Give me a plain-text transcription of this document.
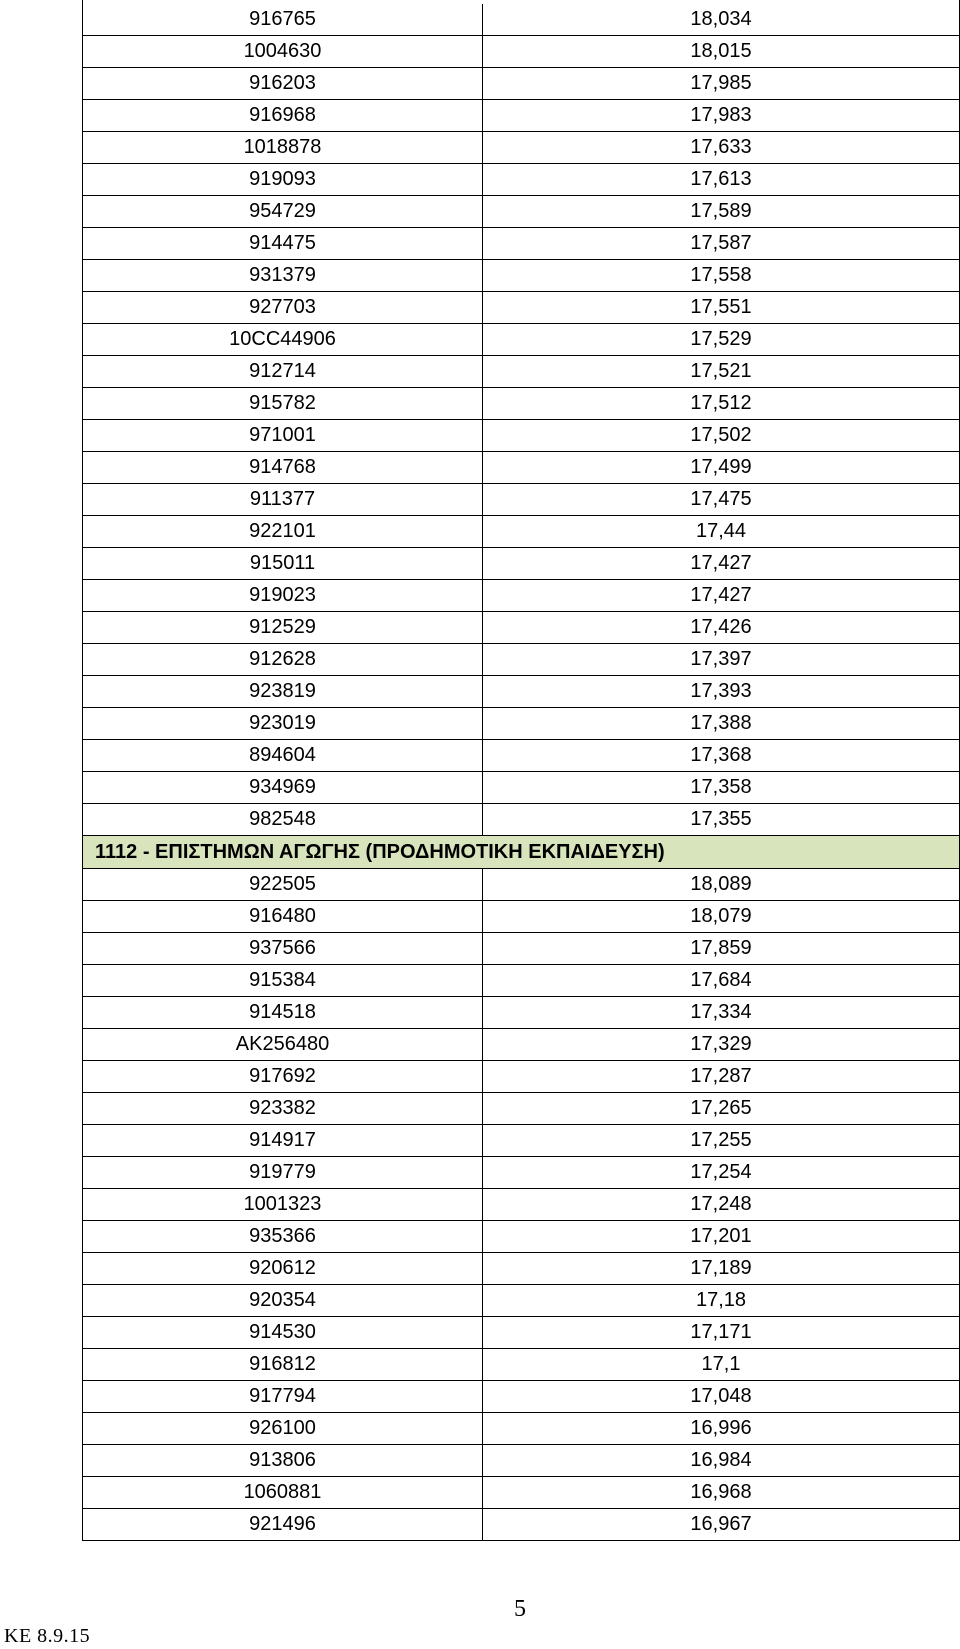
916765	18,034
1004630	18,015
916203	17,985
916968	17,983
1018878	17,633
919093	17,613
954729	17,589
914475	17,587
931379	17,558
927703	17,551
10CC44906	17,529
912714	17,521
915782	17,512
971001	17,502
914768	17,499
911377	17,475
922101	17,44
915011	17,427
919023	17,427
912529	17,426
912628	17,397
923819	17,393
923019	17,388
894604	17,368
934969	17,358
982548	17,355
1112 - ΕΠΙΣΤΗΜΩΝ ΑΓΩΓΗΣ (ΠΡΟΔΗΜΟΤΙΚΗ ΕΚΠΑΙΔΕΥΣΗ)
922505	18,089
916480	18,079
937566	17,859
915384	17,684
914518	17,334
AK256480	17,329
917692	17,287
923382	17,265
914917	17,255
919779	17,254
1001323	17,248
935366	17,201
920612	17,189
920354	17,18
914530	17,171
916812	17,1
917794	17,048
926100	16,996
913806	16,984
1060881	16,968
921496	16,967
5
ΚΕ 8.9.15
